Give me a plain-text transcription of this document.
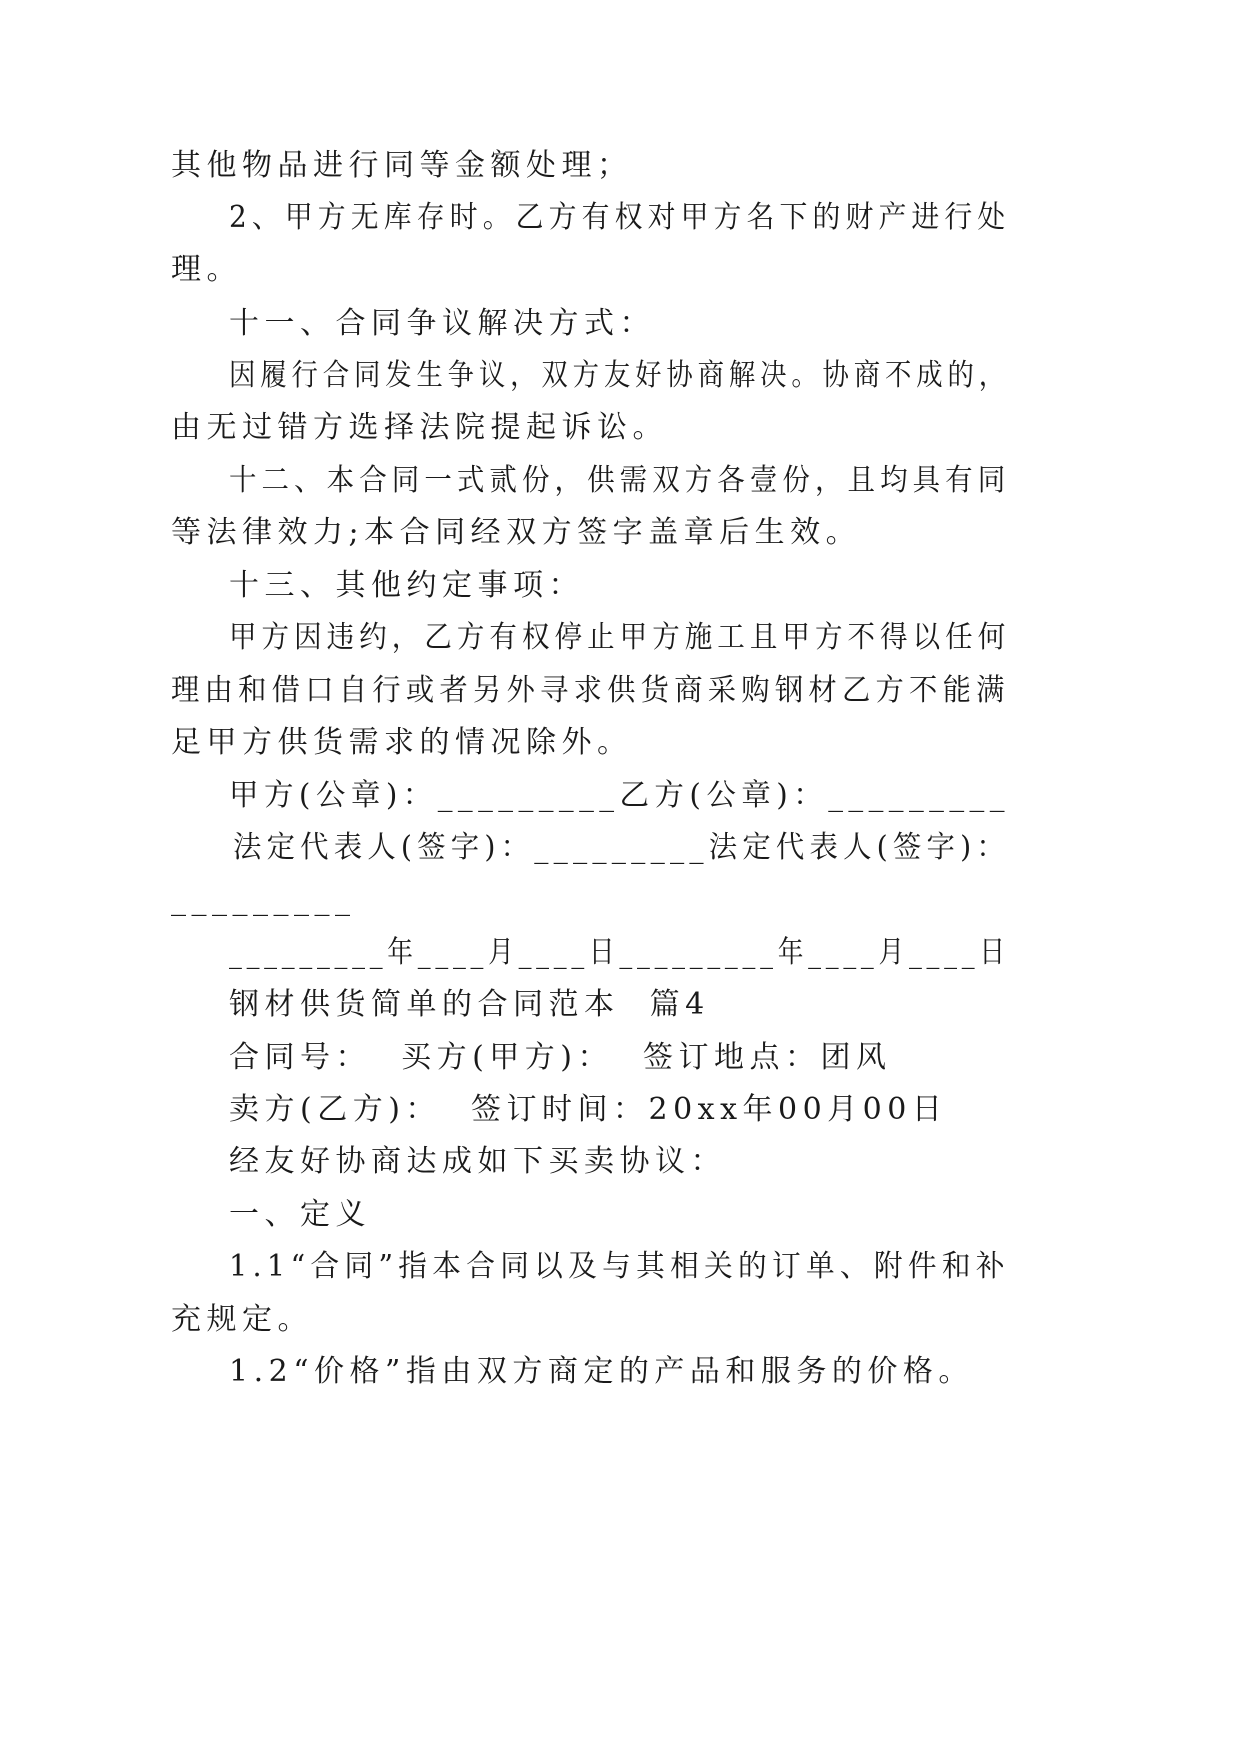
其他物品进行同等金额处理；
2、甲方无库存时。乙方有权对甲方名下的财产进行处
理。
十一、合同争议解决方式：
因履行合同发生争议，双方友好协商解决。协商不成的，
由无过错方选择法院提起诉讼。
十二、本合同一式贰份，供需双方各壹份，且均具有同
等法律效力;本合同经双方签字盖章后生效。
十三、其他约定事项：
甲方因违约，乙方有权停止甲方施工且甲方不得以任何
理由和借口自行或者另外寻求供货商采购钢材乙方不能满
足甲方供货需求的情况除外。
甲方(公章)：_________乙方(公章)：_________
法定代表人(签字)：_________法定代表人(签字)：
_________
_________年____月____日_________年____月____日
钢材供货简单的合同范本  篇4
合同号：  买方(甲方)：  签订地点：团风
卖方(乙方)：  签订时间：20xx年00月00日
经友好协商达成如下买卖协议：
一、定义
1.1“合同”指本合同以及与其相关的订单、附件和补
充规定。
1.2“价格”指由双方商定的产品和服务的价格。
